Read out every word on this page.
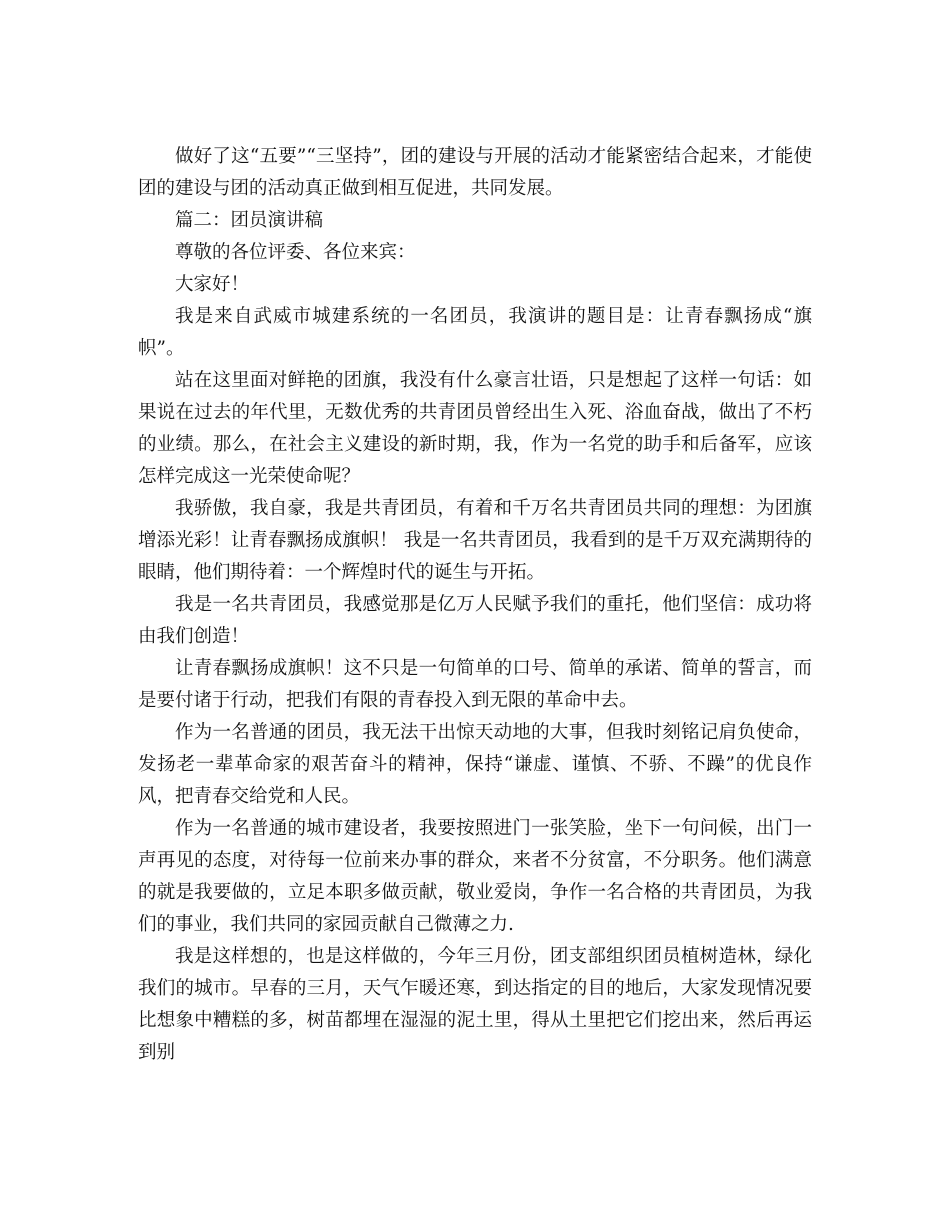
做好了这“五要”“三坚持”，团的建设与开展的活动才能紧密结合起来，才能使团的建设与团的活动真正做到相互促进，共同发展。

篇二：团员演讲稿

尊敬的各位评委、各位来宾：

大家好！

我是来自武威市城建系统的一名团员，我演讲的题目是：让青春飘扬成“旗帜”。

站在这里面对鲜艳的团旗，我没有什么豪言壮语，只是想起了这样一句话：如果说在过去的年代里，无数优秀的共青团员曾经出生入死、浴血奋战，做出了不朽的业绩。那么，在社会主义建设的新时期，我，作为一名党的助手和后备军，应该怎样完成这一光荣使命呢？

我骄傲，我自豪，我是共青团员，有着和千万名共青团员共同的理想：为团旗增添光彩！让青春飘扬成旗帜！ 我是一名共青团员，我看到的是千万双充满期待的眼睛，他们期待着：一个辉煌时代的诞生与开拓。

我是一名共青团员，我感觉那是亿万人民赋予我们的重托，他们坚信：成功将由我们创造！

让青春飘扬成旗帜！这不只是一句简单的口号、简单的承诺、简单的誓言，而是要付诸于行动，把我们有限的青春投入到无限的革命中去。

作为一名普通的团员，我无法干出惊天动地的大事，但我时刻铭记肩负使命，发扬老一辈革命家的艰苦奋斗的精神，保持“谦虚、谨慎、不骄、不躁”的优良作风，把青春交给党和人民。

作为一名普通的城市建设者，我要按照进门一张笑脸，坐下一句问候，出门一声再见的态度，对待每一位前来办事的群众，来者不分贫富，不分职务。他们满意的就是我要做的，立足本职多做贡献，敬业爱岗，争作一名合格的共青团员，为我们的事业，我们共同的家园贡献自己微薄之力.

我是这样想的，也是这样做的，今年三月份，团支部组织团员植树造林，绿化我们的城市。早春的三月，天气乍暖还寒，到达指定的目的地后，大家发现情况要比想象中糟糕的多，树苗都埋在湿湿的泥土里，得从土里把它们挖出来，然后再运到别
